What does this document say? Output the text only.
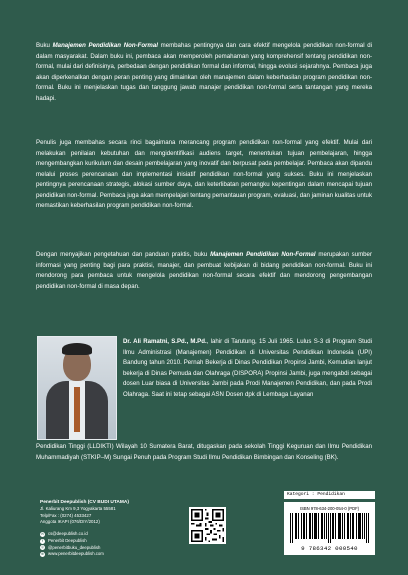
Buku Manajemen Pendidikan Non-Formal membahas pentingnya dan cara efektif mengelola pendidikan non-formal di dalam masyarakat. Dalam buku ini, pembaca akan memperoleh pemahaman yang komprehensif tentang pendidikan non-formal, mulai dari definisinya, perbedaan dengan pendidikan formal dan informal, hingga evolusi sejarahnya. Pembaca juga akan diperkenalkan dengan peran penting yang dimainkan oleh manajemen dalam keberhasilan program pendidikan non-formal. Buku ini menjelaskan tugas dan tanggung jawab manajer pendidikan non-formal serta tantangan yang mereka hadapi.

Penulis juga membahas secara rinci bagaimana merancang program pendidikan non-formal yang efektif. Mulai dari melakukan penilaian kebutuhan dan mengidentifikasi audiens target, menentukan tujuan pembelajaran, hingga mengembangkan kurikulum dan desain pembelajaran yang inovatif dan berpusat pada pembelajar. Pembaca akan dipandu melalui proses perencanaan dan implementasi inisiatif pendidikan non-formal yang sukses. Buku ini menjelaskan pentingnya perencanaan strategis, alokasi sumber daya, dan keterlibatan pemangku kepentingan dalam mencapai tujuan pendidikan non-formal. Pembaca juga akan mempelajari tentang pemantauan program, evaluasi, dan jaminan kualitas untuk memastikan keberhasilan program pendidikan non-formal.

Dengan menyajikan pengetahuan dan panduan praktis, buku Manajemen Pendidikan Non-Formal merupakan sumber informasi yang penting bagi para praktisi, manajer, dan pembuat kebijakan di bidang pendidikan non-formal. Buku ini mendorong para pembaca untuk mengelola pendidikan non-formal secara efektif dan mendorong pengembangan pendidikan non-formal di masa depan.

Dr. Ali Ramatni, S.Pd., M.Pd., lahir di Tarutung, 15 Juli 1965. Lulus S-3 di Program Studi Ilmu Administrasi (Manajemen) Pendidikan di Universitas Pendidikan Indonesia (UPI) Bandung tahun 2010. Pernah Bekerja di Dinas Pendidikan Propinsi Jambi, Kemudian lanjut bekerja di Dinas Pemuda dan Olahraga (DISPORA) Propinsi Jambi, juga mengabdi sebagai dosen Luar biasa di Universitas Jambi pada Prodi Manajemen Pendidikan, dan pada Prodi Olahraga. Saat ini tetap sebagai ASN Dosen dpk di Lembaga Layanan

Pendidikan Tinggi (LLDIKTI) Wilayah 10 Sumatera Barat, ditugaskan pada sekolah Tinggi Keguruan dan Ilmu Pendidikan Muhammadiyah (STKIP–M) Sungai Penuh pada Program Studi Ilmu Pendidikan Bimbingan dan Konseling (BK).

Penerbit Deepublish (CV BUDI UTAMA)
Jl. Kaliurang Km 9,3 Yogyakarta 55581
Telp/Fax : (0274) 4533427
Anggota IKAPI (076/DIY/2012)
✉ cs@deepublish.co.id
f	Penerbit Deepublish
◎ @penerbitbuku_deepublish
⊕ www.penerbitdeepublish.com
Kategori : Pendidikan
ISBN 978-634-200-054-0 (PDF)
9 786342 000540
